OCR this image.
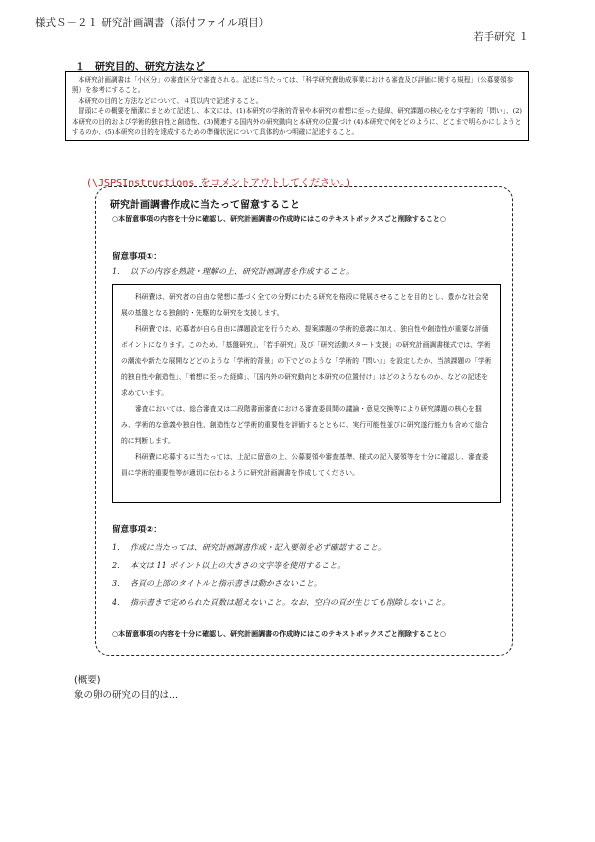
様式Ｓ－２１ 研究計画調書（添付ファイル項目）
若手研究 １
１　研究目的、研究方法など

本研究計画調書は「小区分」の審査区分で審査される。記述に当たっては、「科学研究費助成事業における審査及び評価に関する規程」（公募要領参照）を参考にすること。

本研究の目的と方法などについて、４頁以内で記述すること。

冒頭にその概要を簡潔にまとめて記述し、本文には、(1)本研究の学術的背景や本研究の着想に至った経緯、研究課題の核心をなす学術的「問い」、(2)本研究の目的および学術的独自性と創造性、(3)関連する国内外の研究動向と本研究の位置づけ (4)本研究で何をどのように、どこまで明らかにしようとするのか、(5)本研究の目的を達成するための準備状況について具体的かつ明確に記述すること。

(\JSPSInstructions をコメントアウトしてください。)
研究計画調書作成に当たって留意すること
○本留意事項の内容を十分に確認し、研究計画調書の作成時にはこのテキストボックスごと削除すること○
留意事項①：
1. 以下の内容を熟読・理解の上、研究計画調書を作成すること。

科研費は、研究者の自由な発想に基づく全ての分野にわたる研究を格段に発展させることを目的とし、豊かな社会発展の基盤となる独創的・先駆的な研究を支援します。

科研費では、応募者が自ら自由に課題設定を行うため、提案課題の学術的意義に加え、独自性や創造性が重要な評価ポイントになります。このため、「基盤研究」、「若手研究」及び「研究活動スタート支援」の研究計画調書様式では、学術の潮流や新たな展開などどのような「学術的背景」の下でどのような「学術的『問い』」を設定したか、当該課題の「学術的独自性や創造性」、「着想に至った経緯」、「国内外の研究動向と本研究の位置付け」はどのようなものか、などの記述を求めています。

審査においては、総合審査又は二段階書面審査における審査委員間の議論・意見交換等により研究課題の核心を掴み、学術的な意義や独自性、創造性など学術的重要性を評価するとともに、実行可能性並びに研究遂行能力も含めて総合的に判断します。

科研費に応募するに当たっては、上記に留意の上、公募要領や審査基準、様式の記入要領等を十分に確認し、審査委員に学術的重要性等が適切に伝わるように研究計画調書を作成してください。

留意事項②：
1. 作成に当たっては、研究計画調書作成・記入要領を必ず確認すること。
2. 本文は 11 ポイント以上の大きさの文字等を使用すること。
3. 各頁の上部のタイトルと指示書きは動かさないこと。
4. 指示書きで定められた頁数は超えないこと。なお、空白の頁が生じても削除しないこと。
○本留意事項の内容を十分に確認し、研究計画調書の作成時にはこのテキストボックスごと削除すること○
(概要)
象の卵の研究の目的は...
